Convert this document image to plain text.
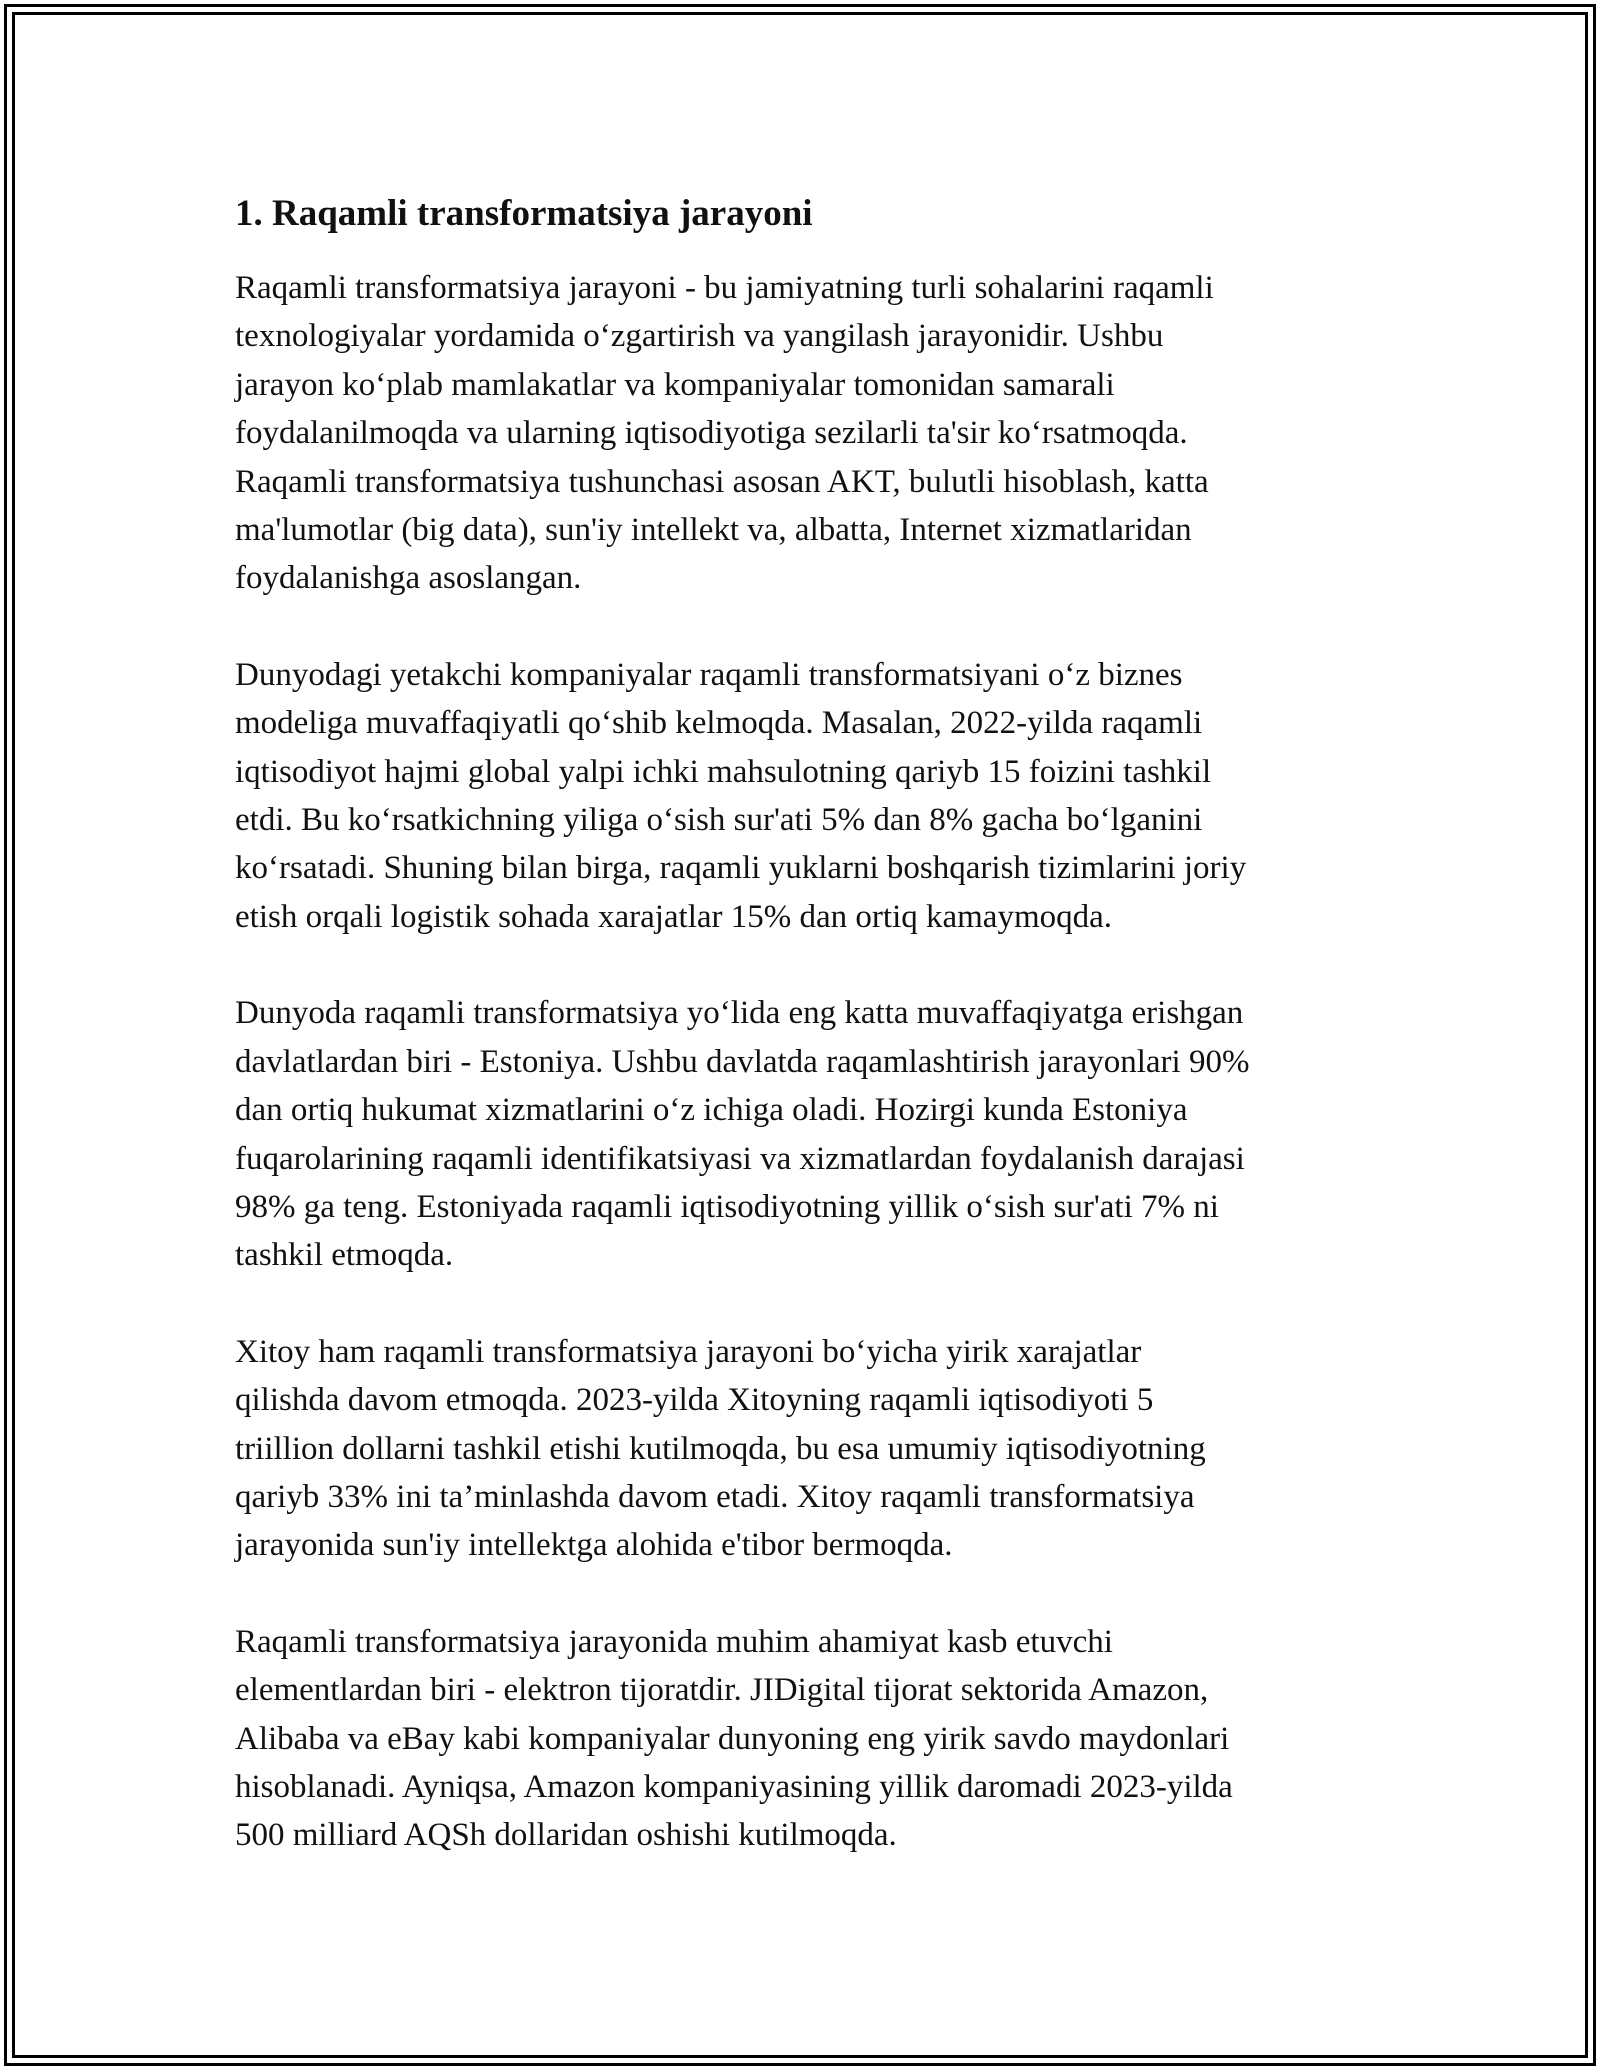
1. Raqamli transformatsiya jarayoni

Raqamli transformatsiya jarayoni - bu jamiyatning turli sohalarini raqamli
texnologiyalar yordamida o‘zgartirish va yangilash jarayonidir. Ushbu
jarayon ko‘plab mamlakatlar va kompaniyalar tomonidan samarali
foydalanilmoqda va ularning iqtisodiyotiga sezilarli ta'sir ko‘rsatmoqda.
Raqamli transformatsiya tushunchasi asosan AKT, bulutli hisoblash, katta
ma'lumotlar (big data), sun'iy intellekt va, albatta, Internet xizmatlaridan
foydalanishga asoslangan.

Dunyodagi yetakchi kompaniyalar raqamli transformatsiyani o‘z biznes
modeliga muvaffaqiyatli qo‘shib kelmoqda. Masalan, 2022-yilda raqamli
iqtisodiyot hajmi global yalpi ichki mahsulotning qariyb 15 foizini tashkil
etdi. Bu ko‘rsatkichning yiliga o‘sish sur'ati 5% dan 8% gacha bo‘lganini
ko‘rsatadi. Shuning bilan birga, raqamli yuklarni boshqarish tizimlarini joriy
etish orqali logistik sohada xarajatlar 15% dan ortiq kamaymoqda.

Dunyoda raqamli transformatsiya yo‘lida eng katta muvaffaqiyatga erishgan
davlatlardan biri - Estoniya. Ushbu davlatda raqamlashtirish jarayonlari 90%
dan ortiq hukumat xizmatlarini o‘z ichiga oladi. Hozirgi kunda Estoniya
fuqarolarining raqamli identifikatsiyasi va xizmatlardan foydalanish darajasi
98% ga teng. Estoniyada raqamli iqtisodiyotning yillik o‘sish sur'ati 7% ni
tashkil etmoqda.

Xitoy ham raqamli transformatsiya jarayoni bo‘yicha yirik xarajatlar
qilishda davom etmoqda. 2023-yilda Xitoyning raqamli iqtisodiyoti 5
triillion dollarni tashkil etishi kutilmoqda, bu esa umumiy iqtisodiyotning
qariyb 33% ini ta’minlashda davom etadi. Xitoy raqamli transformatsiya
jarayonida sun'iy intellektga alohida e'tibor bermoqda.

Raqamli transformatsiya jarayonida muhim ahamiyat kasb etuvchi
elementlardan biri - elektron tijoratdir. JIDigital tijorat sektorida Amazon,
Alibaba va eBay kabi kompaniyalar dunyoning eng yirik savdo maydonlari
hisoblanadi. Ayniqsa, Amazon kompaniyasining yillik daromadi 2023-yilda
500 milliard AQSh dollaridan oshishi kutilmoqda.
